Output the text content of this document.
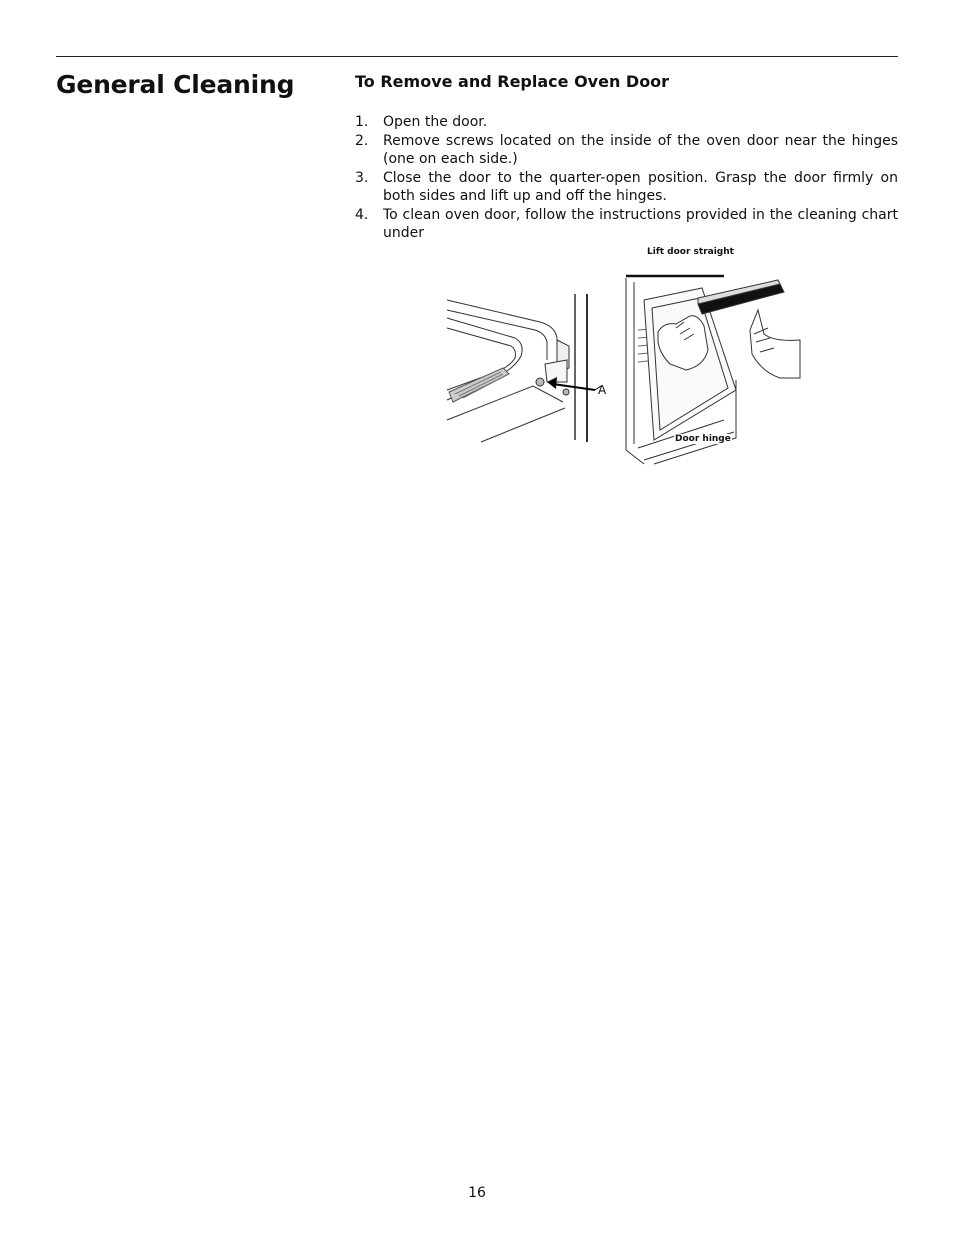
General Cleaning	To Remove and Replace Oven Door
1. Open the door.
2. Remove screws located on the inside of the oven door near the hinges (one on each side.)
3. Close the door to the quarter-open position. Grasp the door firmly on both sides and lift up and off the hinges.
4. To clean oven door, follow the instructions provided in the cleaning chart under
A
Lift door straight
Door hinge
16
